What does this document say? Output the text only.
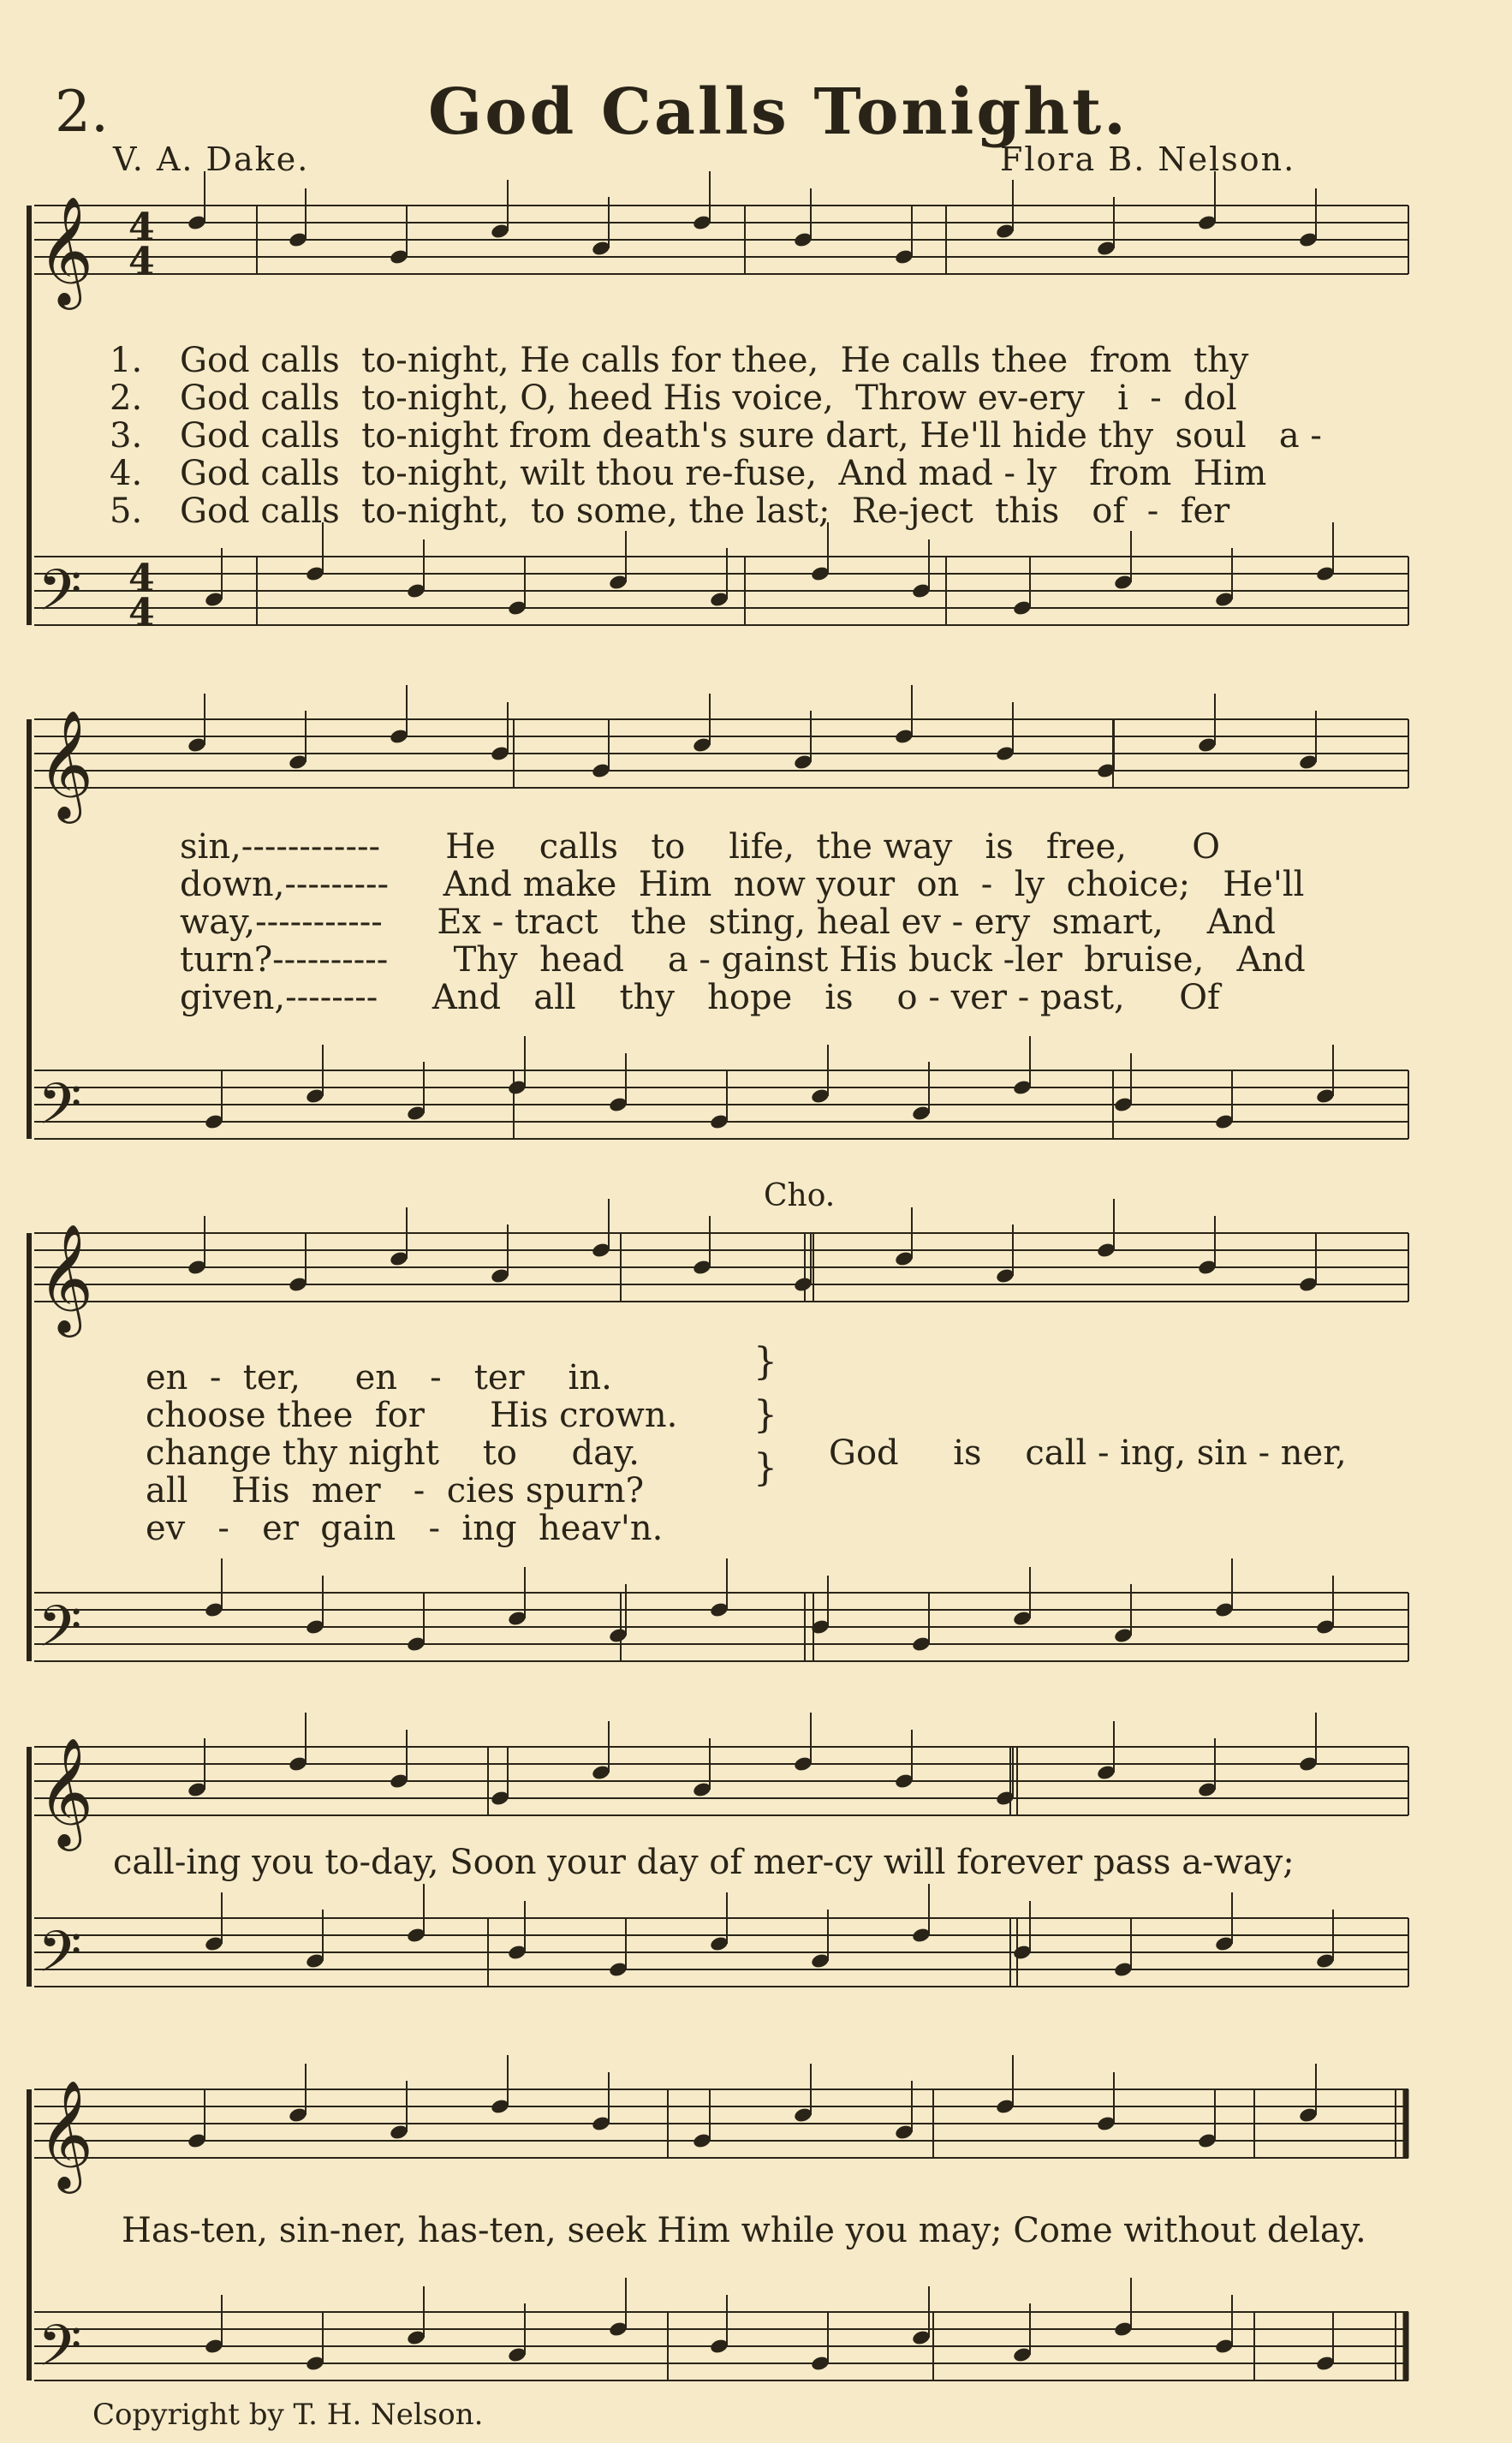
2.	God Calls Tonight.
V. A. Dake.	Flora B. Nelson.
𝄞
𝄞
𝄞
𝄞
𝄞
𝄢
𝄢
𝄢
𝄢
𝄢
4
4
4
4
1.
2.
3.
4.
5.
God calls  to-night, He calls for thee,  He calls thee  from  thy
God calls  to-night, O, heed His voice,  Throw ev-ery   i  -  dol
God calls  to-night from death's sure dart, He'll hide thy  soul   a -
God calls  to-night, wilt thou re-fuse,  And mad - ly   from  Him
God calls  to-night,  to some, the last;  Re-ject  this   of  -  fer
sin,------------      He    calls   to    life,  the way   is   free,      O
down,---------     And make  Him  now your  on  -  ly  choice;   He'll
way,-----------     Ex - tract   the  sting, heal ev - ery  smart,    And
turn?----------      Thy  head    a - gainst His buck -ler  bruise,   And
given,--------     And   all    thy   hope   is    o - ver - past,     Of
Cho.
en  -  ter,     en   -   ter    in.
choose thee  for      His crown.
change thy night    to     day.
all    His  mer   -  cies spurn?
ev   -   er  gain   -  ing  heav'n.
}
}
} God     is    call - ing, sin - ner,
call-ing you to-day, Soon your day of mer-cy will forever pass a-way;
Has-ten, sin-ner, has-ten, seek Him while you may; Come without delay.
Copyright by T. H. Nelson.
